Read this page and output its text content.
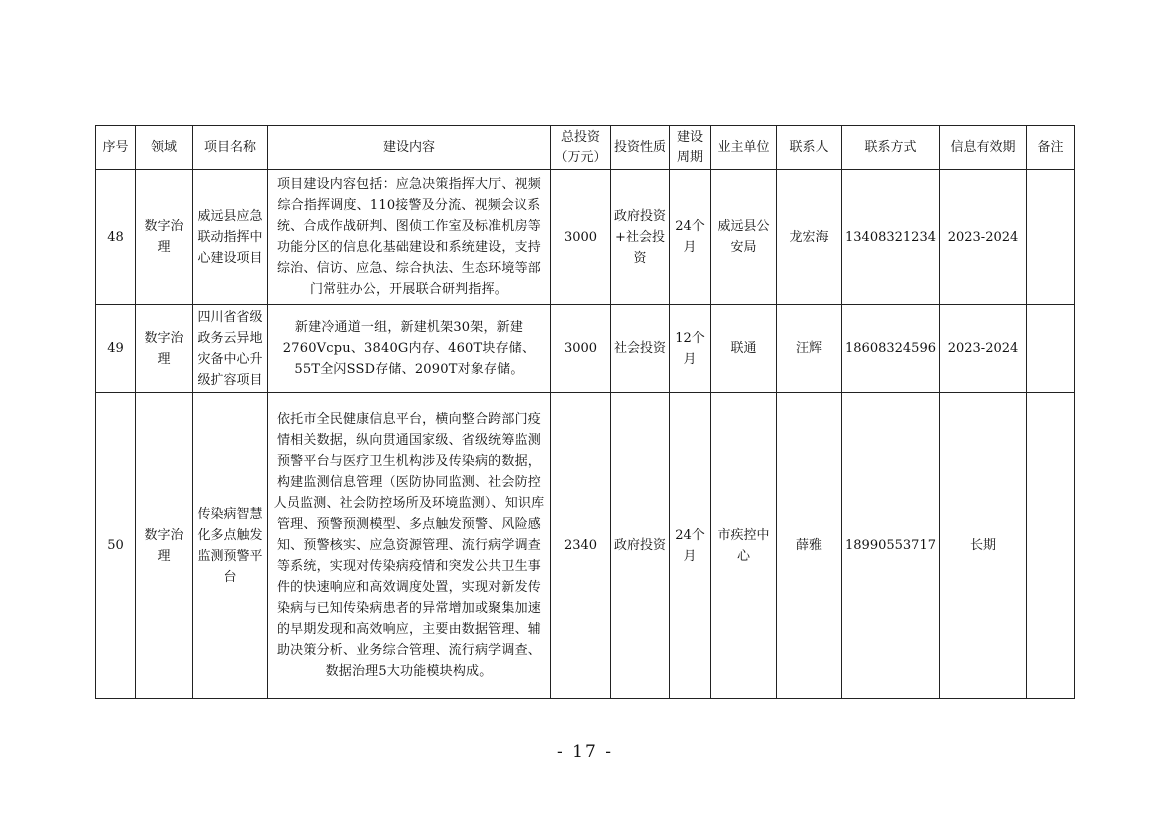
序号	领域	项目名称	建设内容	总投资（万元）	投资性质	建设周期	业主单位	联系人	联系方式	信息有效期	备注
48	数字治理	威远县应急联动指挥中心建设项目	项目建设内容包括：应急决策指挥大厅、视频综合指挥调度、110接警及分流、视频会议系统、合成作战研判、图侦工作室及标准机房等功能分区的信息化基础建设和系统建设，支持综治、信访、应急、综合执法、生态环境等部门常驻办公，开展联合研判指挥。	3000	政府投资+社会投资	24个月	威远县公安局	龙宏海	13408321234	2023-2024	
49	数字治理	四川省省级政务云异地灾备中心升级扩容项目	新建冷通道一组，新建机架30架，新建2760Vcpu、3840G内存、460T块存储、55T全闪SSD存储、2090T对象存储。	3000	社会投资	12个月	联通	汪辉	18608324596	2023-2024	
50	数字治理	传染病智慧化多点触发监测预警平台	依托市全民健康信息平台，横向整合跨部门疫情相关数据，纵向贯通国家级、省级统筹监测预警平台与医疗卫生机构涉及传染病的数据，构建监测信息管理（医防协同监测、社会防控人员监测、社会防控场所及环境监测）、知识库管理、预警预测模型、多点触发预警、风险感知、预警核实、应急资源管理、流行病学调查等系统，实现对传染病疫情和突发公共卫生事件的快速响应和高效调度处置，实现对新发传染病与已知传染病患者的异常增加或聚集加速的早期发现和高效响应，主要由数据管理、辅助决策分析、业务综合管理、流行病学调查、数据治理5大功能模块构成。	2340	政府投资	24个月	市疾控中心	薛雅	18990553717	长期	
- 17 -
